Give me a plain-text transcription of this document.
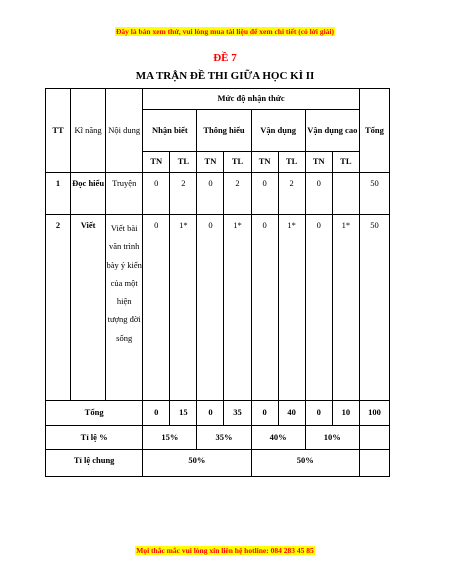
Đây là bản xem thử, vui lòng mua tài liệu để xem chi tiết (có lời giải)
ĐỀ 7
MA TRẬN ĐỀ THI GIỮA HỌC KÌ II
TT	Kĩ năng	Nội dung	Mức độ nhận thức								Tổng
			Nhận biết		Thông hiểu		Vận dụng		Vận dụng cao		
			TN	TL	TN	TL	TN	TL	TN	TL	
1	Đọc hiểu	Truyện	0	2	0	2	0	2	0		50
2	Viết	Viết bài văn trình bày ý kiến của một hiện tượng đời sống	0	1*	0	1*	0	1*	0	1*	50
Tổng			0	15	0	35	0	40	0	10	100
Tỉ lệ %			15%		35%		40%		10%		
Tỉ lệ chung			50%				50%				
Mọi thắc mắc vui lòng xin liên hệ hotline: 084 283 45 85
